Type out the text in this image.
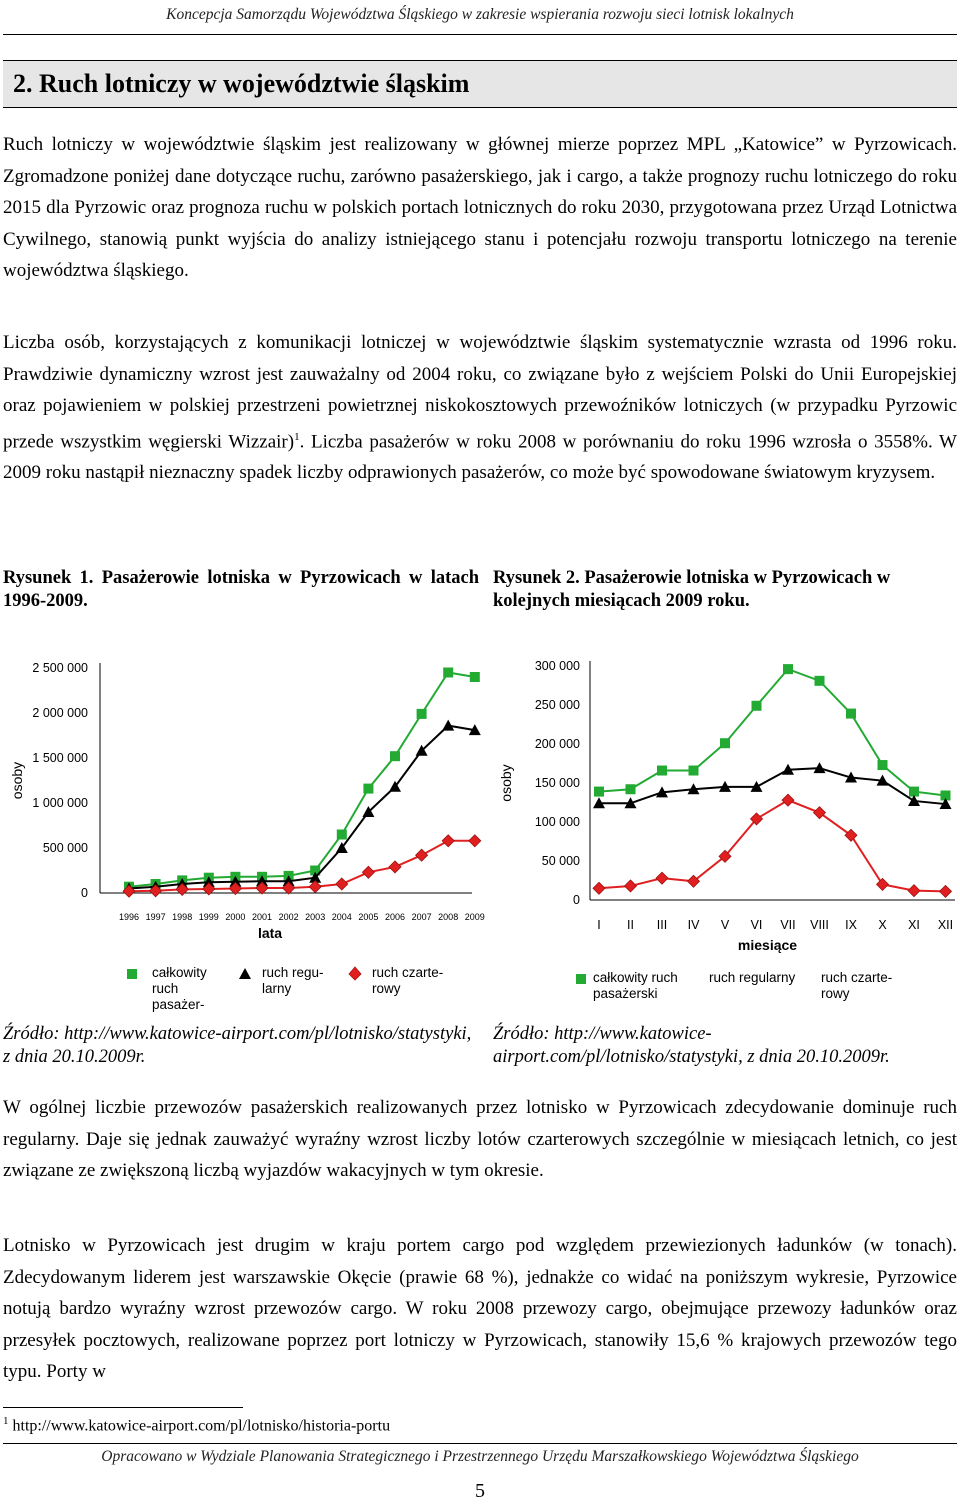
Koncepcja Samorządu Województwa Śląskiego w zakresie wspierania rozwoju sieci lotnisk lokalnych
2. Ruch lotniczy w województwie śląskim

Ruch lotniczy w województwie śląskim jest realizowany w głównej mierze poprzez MPL „Katowice” w Pyrzowicach. Zgromadzone poniżej dane dotyczące ruchu, zarówno pasażerskiego, jak i cargo, a także prognozy ruchu lotniczego do roku 2015 dla Pyrzowic oraz prognoza ruchu w polskich portach lotnicznych do roku 2030, przygotowana przez Urząd Lotnictwa Cywilnego, stanowią punkt wyjścia do analizy istniejącego stanu i potencjału rozwoju transportu lotniczego na terenie województwa śląskiego.

Liczba osób, korzystających z komunikacji lotniczej w województwie śląskim systematycznie wzrasta od 1996 roku. Prawdziwie dynamiczny wzrost jest zauważalny od 2004 roku, co związane było z wejściem Polski do Unii Europejskiej oraz pojawieniem w polskiej przestrzeni powietrznej niskokosztowych przewoźników lotniczych (w przypadku Pyrzowic przede wszystkim węgierski Wizzair)$^1$. Liczba pasażerów w roku 2008 w porównaniu do roku 1996 wzrosła o 3558%. W 2009 roku nastąpił nieznaczny spadek liczby odprawionych pasażerów, co może być spowodowane światowym kryzysem.

Rysunek 1. Pasażerowie lotniska w Pyrzowicach w latach 1996-2009.

Rysunek 2. Pasażerowie lotniska w Pyrzowicach w kolejnych miesiącach 2009 roku.

0
500 000
1 000 000
1 500 000
2 000 000
2 500 000
1996 1997 1998 1999 2000 2001 2002 2003 2004 2005 2006 2007 2008 2009
lata
osoby
0
50 000
100 000
150 000
200 000
250 000
300 000
I II III IV V VI VII VIII IX X XI XII
miesiące
osoby
całkowity ruch pasażer-
ruch regu-larny
ruch czarte-rowy
całkowity ruch pasażerski
ruch regularny	ruch czarte-rowy

Źródło: http://www.katowice-airport.com/pl/lotnisko/statystyki, z dnia 20.10.2009r.

Źródło: http://www.katowice-airport.com/pl/lotnisko/statystyki, z dnia 20.10.2009r.

W ogólnej liczbie przewozów pasażerskich realizowanych przez lotnisko w Pyrzowicach zdecydowanie dominuje ruch regularny. Daje się jednak zauważyć wyraźny wzrost liczby lotów czarterowych szczególnie w miesiącach letnich, co jest związane ze zwiększoną liczbą wyjazdów wakacyjnych w tym okresie.

Lotnisko w Pyrzowicach jest drugim w kraju portem cargo pod względem przewiezionych ładunków (w tonach). Zdecydowanym liderem jest warszawskie Okęcie (prawie 68 %), jednakże co widać na poniższym wykresie, Pyrzowice notują bardzo wyraźny wzrost przewozów cargo. W roku 2008 przewozy cargo, obejmujące przewozy ładunków oraz przesyłek pocztowych, realizowane poprzez port lotniczy w Pyrzowicach, stanowiły 15,6 % krajowych przewozów tego typu. Porty w

$^1$ http://www.katowice-airport.com/pl/lotnisko/historia-portu
Opracowano w Wydziale Planowania Strategicznego i Przestrzennego Urzędu Marszałkowskiego Województwa Śląskiego
5
